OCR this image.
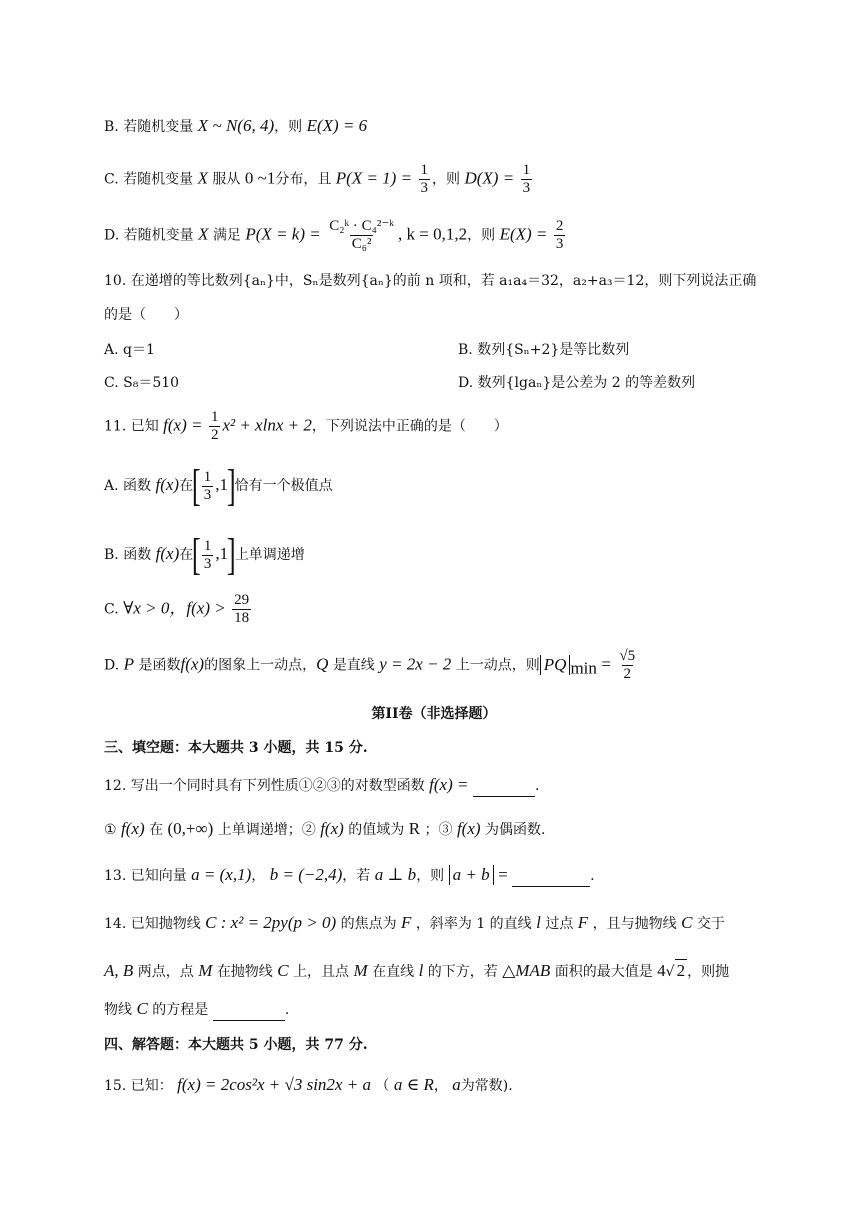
B. 若随机变量 X ~ N(6, 4)，则 E(X) = 6
C. 若随机变量 X 服从 0 ~1分布，且 $P(X = 1) = \frac{1}{3}$ ，则 $D(X) = \frac{1}{3}$
D. 若随机变量 X 满足 $P(X = k) = \frac{\text{C₂ᵏ · C₄²⁻ᵏ}}{\text{C₆²}}$ , k = 0,1,2，则 $E(X) = \frac{2}{3}$
10. 在递增的等比数列{aₙ}中，Sₙ是数列{aₙ}的前 n 项和，若 a₁a₄＝32，a₂+a₃＝12，则下列说法正确
的是（　　）
A. q＝1	B. 数列{Sₙ+2}是等比数列
C. S₈＝510	D. 数列{lgaₙ}是公差为 2 的等差数列
11. 已知 $f(x) = \frac{1}{2} x^2 + xlnx + 2$，下列说法中正确的是（　　）
A. 函数 f(x)在[ $\frac{1}{3} ,1$]恰有一个极值点
B. 函数 f(x)在[ $\frac{1}{3} ,1$]上单调递增
C. ∀x > 0，$f(x) > \frac{29}{18}$
D. P 是函数f(x)的图象上一动点，Q 是直线 y = 2x − 2 上一动点，则 PQ $_{min} = \frac{√5}{2}$
第II卷（非选择题）
三、填空题：本大题共 3 小题，共 15 分.
12. 写出一个同时具有下列性质①②③的对数型函数 f(x) =	.
① f(x) 在 (0,+∞) 上单调递增；② f(x) 的值域为 R ；③ f(x) 为偶函数.
13. 已知向量 a = (x,1)， b = (−2,4)，若 a ⊥ b，则 a + b =	.
14. 已知抛物线 C : x² = 2py(p > 0) 的焦点为 F ，斜率为 1 的直线 l 过点 F ，且与抛物线 C 交于
A, B 两点，点 M 在抛物线 C 上，且点 M 在直线 l 的下方，若 △MAB 面积的最大值是 4√ 2 ，则抛
物线 C 的方程是	.
四、解答题：本大题共 5 小题，共 77 分.
15. 已知： f(x) = 2cos²x + √3 sin2x + a （ a ∈ R， a为常数).
